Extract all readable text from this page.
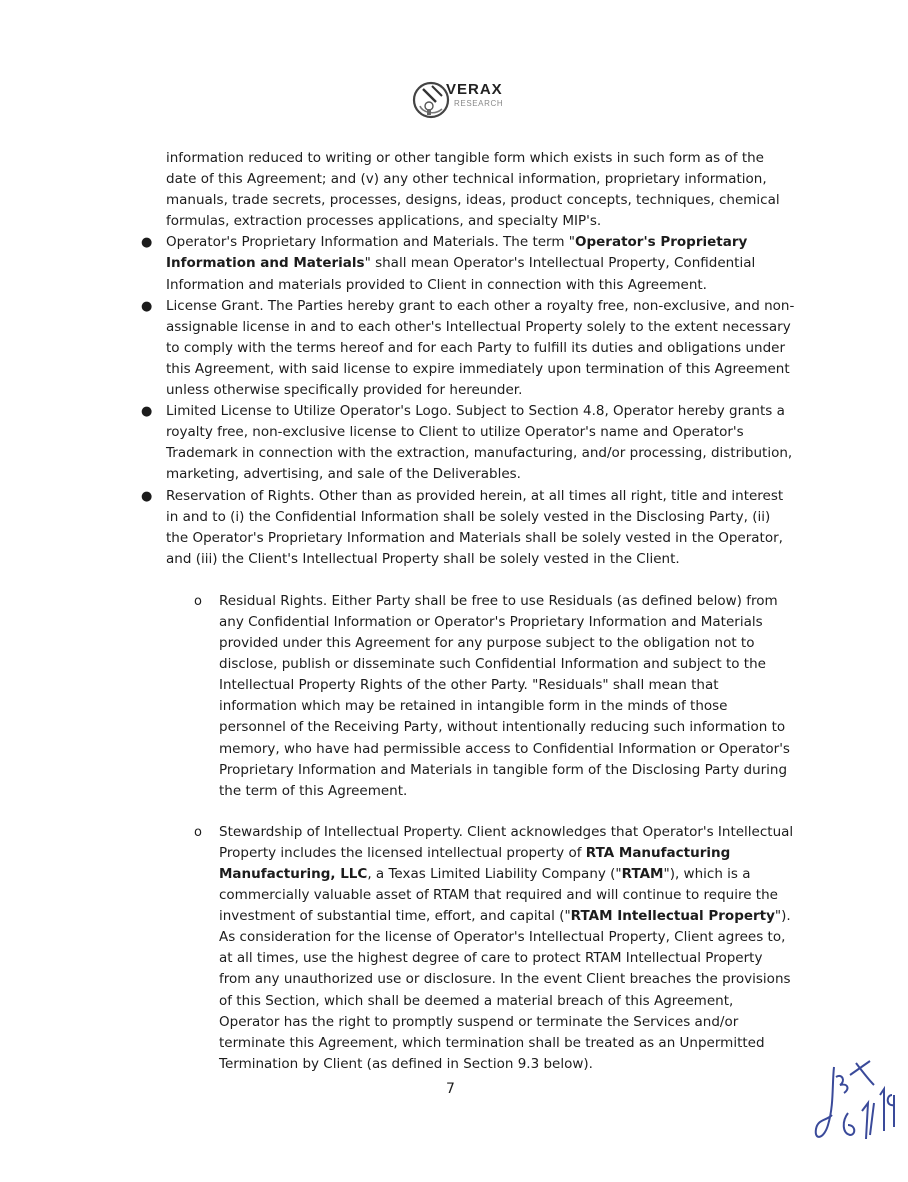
VERAX
RESEARCH

information reduced to writing or other tangible form which exists in such form as of the date of this Agreement; and (v) any other technical information, proprietary information, manuals, trade secrets, processes, designs, ideas, product concepts, techniques, chemical formulas, extraction processes applications, and specialty MIP's.

● Operator's Proprietary Information and Materials. The term "Operator's Proprietary Information and Materials" shall mean Operator's Intellectual Property, Confidential Information and materials provided to Client in connection with this Agreement.
● License Grant. The Parties hereby grant to each other a royalty free, non-exclusive, and non-assignable license in and to each other's Intellectual Property solely to the extent necessary to comply with the terms hereof and for each Party to fulfill its duties and obligations under this Agreement, with said license to expire immediately upon termination of this Agreement unless otherwise specifically provided for hereunder.
● Limited License to Utilize Operator's Logo. Subject to Section 4.8, Operator hereby grants a royalty free, non-exclusive license to Client to utilize Operator's name and Operator's Trademark in connection with the extraction, manufacturing, and/or processing, distribution, marketing, advertising, and sale of the Deliverables.
● Reservation of Rights. Other than as provided herein, at all times all right, title and interest in and to (i) the Confidential Information shall be solely vested in the Disclosing Party, (ii) the Operator's Proprietary Information and Materials shall be solely vested in the Operator, and (iii) the Client's Intellectual Property shall be solely vested in the Client.
o Residual Rights. Either Party shall be free to use Residuals (as defined below) from any Confidential Information or Operator's Proprietary Information and Materials provided under this Agreement for any purpose subject to the obligation not to disclose, publish or disseminate such Confidential Information and subject to the Intellectual Property Rights of the other Party. "Residuals" shall mean that information which may be retained in intangible form in the minds of those personnel of the Receiving Party, without intentionally reducing such information to memory, who have had permissible access to Confidential Information or Operator's Proprietary Information and Materials in tangible form of the Disclosing Party during the term of this Agreement.
o Stewardship of Intellectual Property. Client acknowledges that Operator's Intellectual Property includes the licensed intellectual property of RTA Manufacturing Manufacturing, LLC, a Texas Limited Liability Company ("RTAM"), which is a commercially valuable asset of RTAM that required and will continue to require the investment of substantial time, effort, and capital ("RTAM Intellectual Property"). As consideration for the license of Operator's Intellectual Property, Client agrees to, at all times, use the highest degree of care to protect RTAM Intellectual Property from any unauthorized use or disclosure. In the event Client breaches the provisions of this Section, which shall be deemed a material breach of this Agreement, Operator has the right to promptly suspend or terminate the Services and/or terminate this Agreement, which termination shall be treated as an Unpermitted Termination by Client (as defined in Section 9.3 below).
7
